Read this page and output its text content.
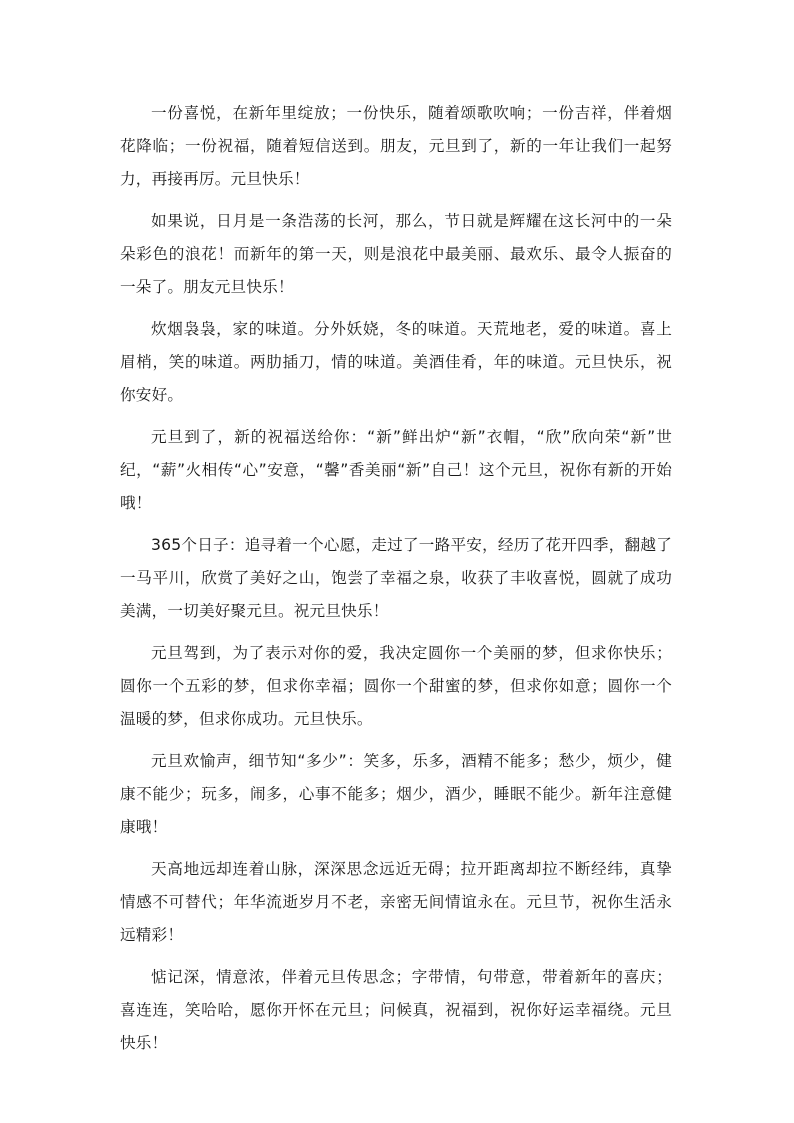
一份喜悦，在新年里绽放；一份快乐，随着颂歌吹响；一份吉祥，伴着烟花降临；一份祝福，随着短信送到。朋友，元旦到了，新的一年让我们一起努力，再接再厉。元旦快乐！

如果说，日月是一条浩荡的长河，那么，节日就是辉耀在这长河中的一朵朵彩色的浪花！而新年的第一天，则是浪花中最美丽、最欢乐、最令人振奋的一朵了。朋友元旦快乐！

炊烟袅袅，家的味道。分外妖娆，冬的味道。天荒地老，爱的味道。喜上眉梢，笑的味道。两肋插刀，情的味道。美酒佳肴，年的味道。元旦快乐，祝你安好。

元旦到了，新的祝福送给你：“新”鲜出炉“新”衣帽，“欣”欣向荣“新”世纪，“薪”火相传“心”安意，“馨”香美丽“新”自己！这个元旦，祝你有新的开始哦！

365个日子：追寻着一个心愿，走过了一路平安，经历了花开四季，翻越了一马平川，欣赏了美好之山，饱尝了幸福之泉，收获了丰收喜悦，圆就了成功美满，一切美好聚元旦。祝元旦快乐！

元旦驾到，为了表示对你的爱，我决定圆你一个美丽的梦，但求你快乐；圆你一个五彩的梦，但求你幸福；圆你一个甜蜜的梦，但求你如意；圆你一个温暖的梦，但求你成功。元旦快乐。

元旦欢愉声，细节知“多少”：笑多，乐多，酒精不能多；愁少，烦少，健康不能少；玩多，闹多，心事不能多；烟少，酒少，睡眠不能少。新年注意健康哦！

天高地远却连着山脉，深深思念远近无碍；拉开距离却拉不断经纬，真挚情感不可替代；年华流逝岁月不老，亲密无间情谊永在。元旦节，祝你生活永远精彩！

惦记深，情意浓，伴着元旦传思念；字带情，句带意，带着新年的喜庆；喜连连，笑哈哈，愿你开怀在元旦；问候真，祝福到，祝你好运幸福绕。元旦快乐！
